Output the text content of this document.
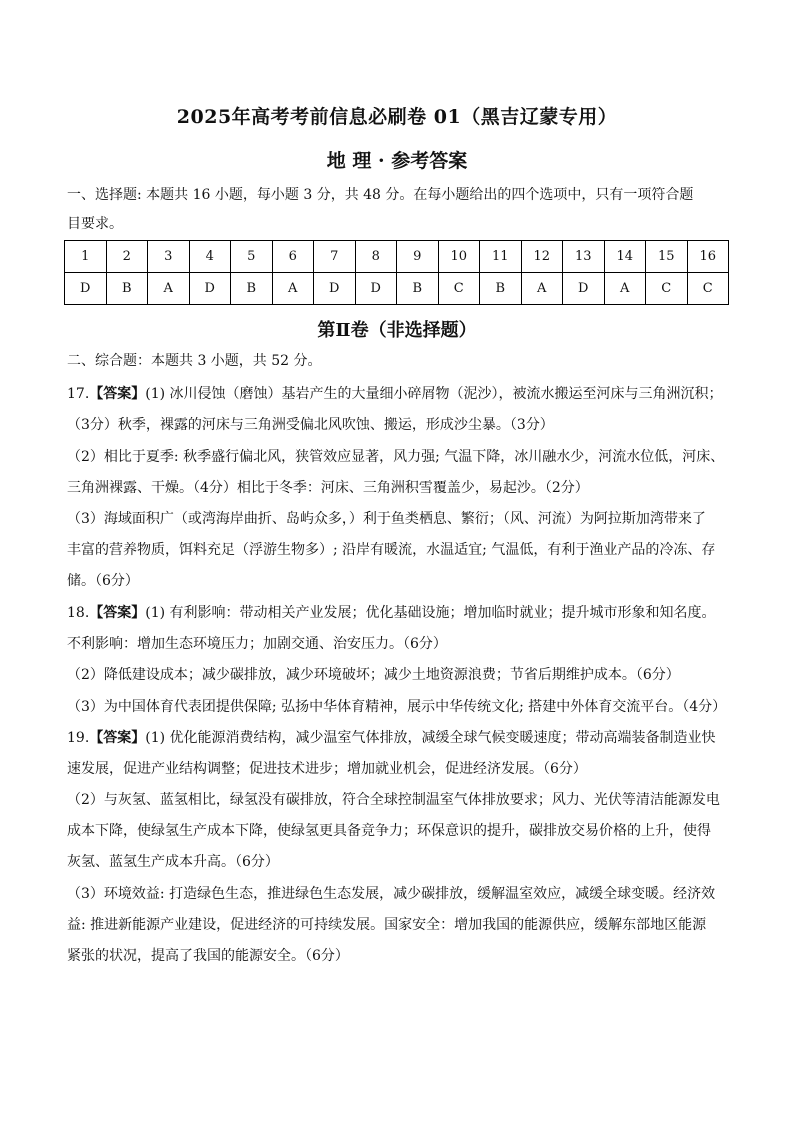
2025年高考考前信息必刷卷 01（黑吉辽蒙专用）
地 理 · 参考答案
一、选择题: 本题共 16 小题，每小题 3 分，共 48 分。在每小题给出的四个选项中，只有一项符合题
目要求。
1	2	3	4	5	6	7	8	9	10	11	12	13	14	15	16
D	B	A	D	B	A	D	D	B	C	B	A	D	A	C	C
第Ⅱ卷（非选择题）
二、综合题：本题共 3 小题，共 52 分。
17.【答案】(1) 冰川侵蚀（磨蚀）基岩产生的大量细小碎屑物（泥沙），被流水搬运至河床与三角洲沉积；
（3分）秋季，裸露的河床与三角洲受偏北风吹蚀、搬运，形成沙尘暴。（3分）
（2）相比于夏季: 秋季盛行偏北风，狭管效应显著，风力强; 气温下降，冰川融水少，河流水位低，河床、
三角洲裸露、干燥。（4分）相比于冬季：河床、三角洲积雪覆盖少，易起沙。（2分）
（3）海域面积广（或湾海岸曲折、岛屿众多，）利于鱼类栖息、繁衍；（风、河流）为阿拉斯加湾带来了
丰富的营养物质，饵料充足（浮游生物多）; 沿岸有暖流，水温适宜; 气温低，有利于渔业产品的冷冻、存
储。（6分）
18.【答案】(1) 有利影响：带动相关产业发展；优化基础设施；增加临时就业；提升城市形象和知名度。
不利影响：增加生态环境压力；加剧交通、治安压力。（6分）
（2）降低建设成本；减少碳排放，减少环境破坏；减少土地资源浪费；节省后期维护成本。（6分）
（3）为中国体育代表团提供保障; 弘扬中华体育精神，展示中华传统文化; 搭建中外体育交流平台。（4分）
19.【答案】(1) 优化能源消费结构，减少温室气体排放，减缓全球气候变暖速度；带动高端装备制造业快
速发展，促进产业结构调整；促进技术进步；增加就业机会，促进经济发展。（6分）
（2）与灰氢、蓝氢相比，绿氢没有碳排放，符合全球控制温室气体排放要求；风力、光伏等清洁能源发电
成本下降，使绿氢生产成本下降，使绿氢更具备竞争力；环保意识的提升，碳排放交易价格的上升，使得
灰氢、蓝氢生产成本升高。（6分）
（3）环境效益: 打造绿色生态，推进绿色生态发展，减少碳排放，缓解温室效应，减缓全球变暖。经济效
益: 推进新能源产业建设，促进经济的可持续发展。国家安全：增加我国的能源供应，缓解东部地区能源
紧张的状况，提高了我国的能源安全。（6分）
